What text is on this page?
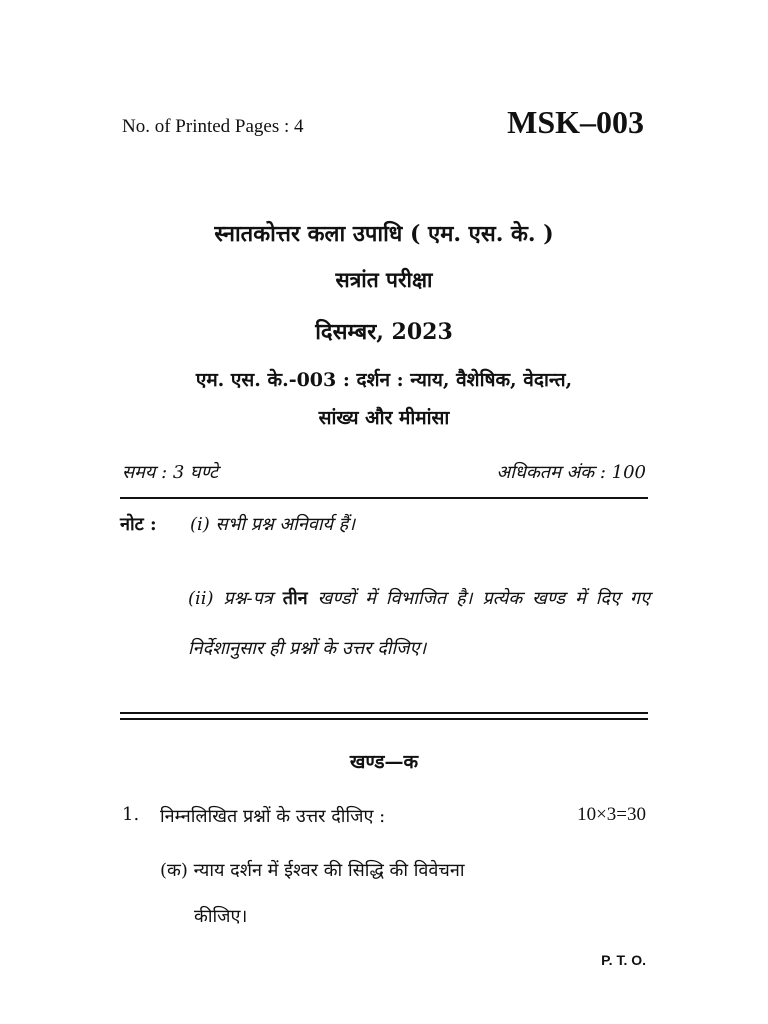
No. of Printed Pages : 4	MSK–003
स्नातकोत्तर कला उपाधि ( एम. एस. के. )
सत्रांत परीक्षा
दिसम्बर, 2023
एम. एस. के.-003 : दर्शन : न्याय, वैशेषिक, वेदान्त,
सांख्य और मीमांसा
समय : 3 घण्टे	अधिकतम अंक : 100
नोट : (i) सभी प्रश्न अनिवार्य हैं।
(ii) प्रश्न-पत्र तीन खण्डों में विभाजित है। प्रत्येक खण्ड में दिए गए निर्देशानुसार ही प्रश्नों के उत्तर दीजिए।
खण्ड—क
1. निम्नलिखित प्रश्नों के उत्तर दीजिए :	10×3=30
(क) न्याय दर्शन में ईश्वर की सिद्धि की विवेचना
कीजिए।
P. T. O.
